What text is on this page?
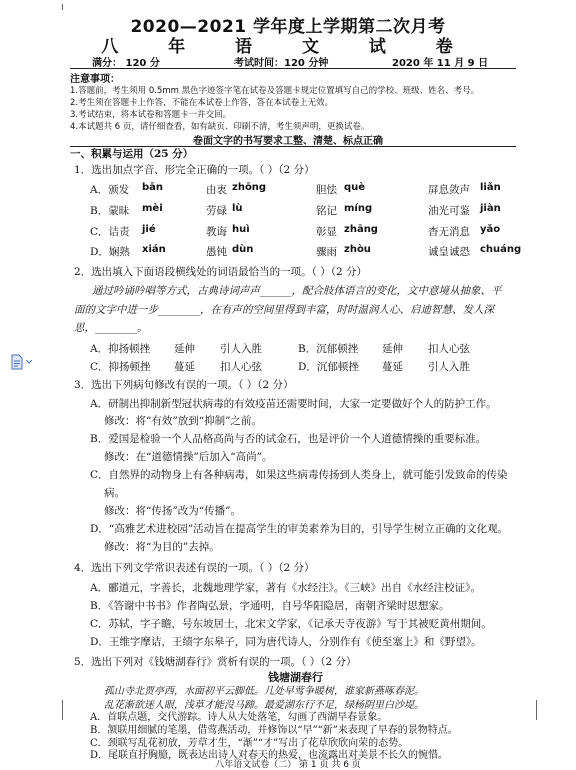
2020—2021 学年度上学期第二次月考
八 年 语 文 试 卷
满分： 120 分	考试时间：120 分钟	2020 年 11 月 9 日
注意事项：
1.答题前，考生须用 0.5mm 黑色字迹签字笔在试卷及答题卡规定位置填写自己的学校、班级、姓名、考号。
2.考生须在答题卡上作答，不能在本试卷上作答，答在本试卷上无效。
3.考试结束，将本试卷和答题卡一并交回。
4.本试题共 6 页，请仔细查看，如有缺页、印刷不清，考生须声明，更换试卷。
卷面文字的书写要求工整、清楚、标点正确
一、积累与运用（25 分）
1．选出加点字音、形完全正确的一项。（ ）（2 分）
A．颁发 bān	由衷 zhōng	胆怯 què	屏息敛声 liǎn
B．蒙昧 mèi	劳碌 lù	铭记 míng	油光可鉴 jiàn
C．诘责 jié	教诲 huì	彰显 zhāng	杳无消息 yǎo
D．娴熟 xián	愚钝 dùn	骤雨 zhòu	诚皇诚恐 chuáng
2．选出填入下面语段横线处的词语最恰当的一项。（ ）（2 分）
通过吟诵吟唱等方式，古典诗词声声______，配合肢体语言的变化，文中意境从抽象、平
面的文字中进一步________，在有声的空间里得到丰富，时时温润人心、启迪智慧、发人深
思，________。
A．抑扬顿挫 延伸 引人入胜	B．沉郁顿挫 延伸 扣人心弦
C．抑扬顿挫 蔓延 扣人心弦	D．沉郁顿挫 蔓延 引人入胜
3．选出下列病句修改有误的一项。（ ）（2 分）
A．研制出抑制新型冠状病毒的有效疫苗还需要时间，大家一定要做好个人的防护工作。
修改：将“有效”放到“抑制”之前。
B．爱国是检验一个人品格高尚与否的试金石，也是评价一个人道德情操的重要标准。
修改：在“道德情操”后加入“高尚”。
C．自然界的动物身上有各种病毒，如果这些病毒传扬到人类身上，就可能引发致命的传染
病。
修改：将“传扬”改为“传播”。
D．“高雅艺术进校园”活动旨在提高学生的审美素养为目的，引导学生树立正确的文化观。
修改：将“为目的”去掉。
4．选出下列文学常识表述有误的一项。（ ）（2 分）
A．郦道元，字善长，北魏地理学家，著有《水经注》。《三峡》出自《水经注校证》。
B．《答谢中书书》作者陶弘景，字通明，自号华阳隐居，南朝齐梁时思想家。
C．苏轼，字子瞻，号东坡居士，北宋文学家，《记承天寺夜游》写于其被贬黄州期间。
D．王维字摩诘，王绩字东皋子，同为唐代诗人，分别作有《使至塞上》和《野望》。
5．选出下列对《钱塘湖春行》赏析有误的一项。（ ）（2 分）
钱塘湖春行
孤山寺北贾亭西，水面初平云脚低。几处早莺争暖树，谁家新燕啄春泥。
乱花渐欲迷人眼，浅草才能没马蹄。最爱湖东行不足，绿杨阴里白沙堤。
A．首联点题，交代游踪。诗人从大处落笔，勾画了西湖早春景象。
B．颔联用细腻的笔墨，借莺燕活动，并修饰以“早”“新”来表现了早春的景物特点。
C．颈联写乱花初放，芳草才生，“渐”“才”写出了花草欣欣向荣的态势。
D．尾联直抒胸臆，既表达出诗人对春天的热爱，也流露出对美景不长久的惋惜。
八年语文试卷（二） 第 1 页 共 6 页
